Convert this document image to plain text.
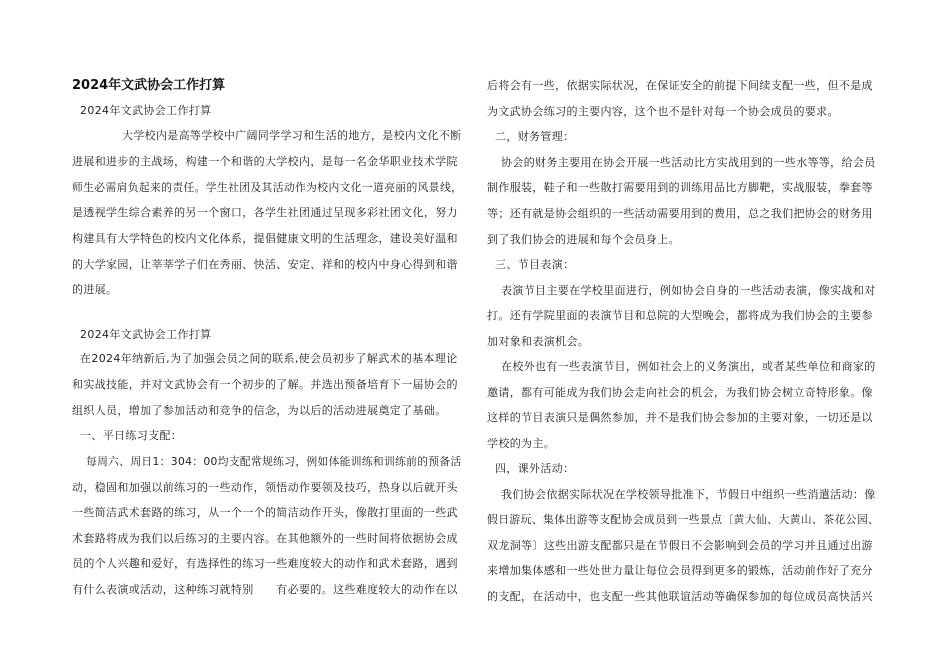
2024年文武协会工作打算
2024年文武协会工作打算
大学校内是高等学校中广阔同学学习和生活的地方，是校内文化不断
进展和进步的主战场，构建一个和谐的大学校内，是每一名金华职业技术学院
师生必需肩负起来的责任。学生社团及其活动作为校内文化一道亮丽的风景线，
是透视学生综合素养的另一个窗口，各学生社团通过呈现多彩社团文化，努力
构建具有大学特色的校内文化体系，提倡健康文明的生活理念，建设美好温和
的大学家园，让莘莘学子们在秀丽、快活、安定、祥和的校内中身心得到和谐
的进展。
2024年文武协会工作打算
在2024年纳新后,为了加强会员之间的联系,使会员初步了解武术的基本理论
和实战技能，并对文武协会有一个初步的了解。并选出预备培育下一届协会的
组织人员，增加了参加活动和竞争的信念，为以后的活动进展奠定了基础。
一、平日练习支配：
每周六、周日1：304：00均支配常规练习，例如体能训练和训练前的预备活
动，稳固和加强以前练习的一些动作，领悟动作要领及技巧，热身以后就开头
一些简洁武术套路的练习，从一个一个的简洁动作开头，像散打里面的一些武
术套路将成为我们以后练习的主要内容。在其他额外的一些时间将依据协会成
员的个人兴趣和爱好，有选择性的练习一些难度较大的动作和武术套路，遇到
有什么表演或活动，这种练习就特别　　有必要的。这些难度较大的动作在以
后将会有一些，依据实际状况，在保证安全的前提下间续支配一些，但不是成
为文武协会练习的主要内容，这个也不是针对每一个协会成员的要求。
二，财务管理：
协会的财务主要用在协会开展一些活动比方实战用到的一些水等等，给会员
制作服装，鞋子和一些散打需要用到的训练用品比方脚靶，实战服装，拳套等
等；还有就是协会组织的一些活动需要用到的费用，总之我们把协会的财务用
到了我们协会的进展和每个会员身上。
三、节目表演：
表演节目主要在学校里面进行，例如协会自身的一些活动表演，像实战和对
打。还有学院里面的表演节目和总院的大型晚会，都将成为我们协会的主要参
加对象和表演机会。
在校外也有一些表演节目，例如社会上的义务演出，或者某些单位和商家的
邀请，都有可能成为我们协会走向社会的机会，为我们协会树立奇特形象。像
这样的节目表演只是偶然参加，并不是我们协会参加的主要对象，一切还是以
学校的为主。
四，课外活动：
我们协会依据实际状况在学校领导批准下，节假日中组织一些消遣活动：像
假日游玩、集体出游等支配协会成员到一些景点〔黄大仙、大黄山、茶花公园、
双龙洞等〕这些出游支配都只是在节假日不会影响到会员的学习并且通过出游
来增加集体感和一些处世力量让每位会员得到更多的锻炼，活动前作好了充分
的支配，在活动中，也支配一些其他联谊活动等确保参加的每位成员高快活兴
